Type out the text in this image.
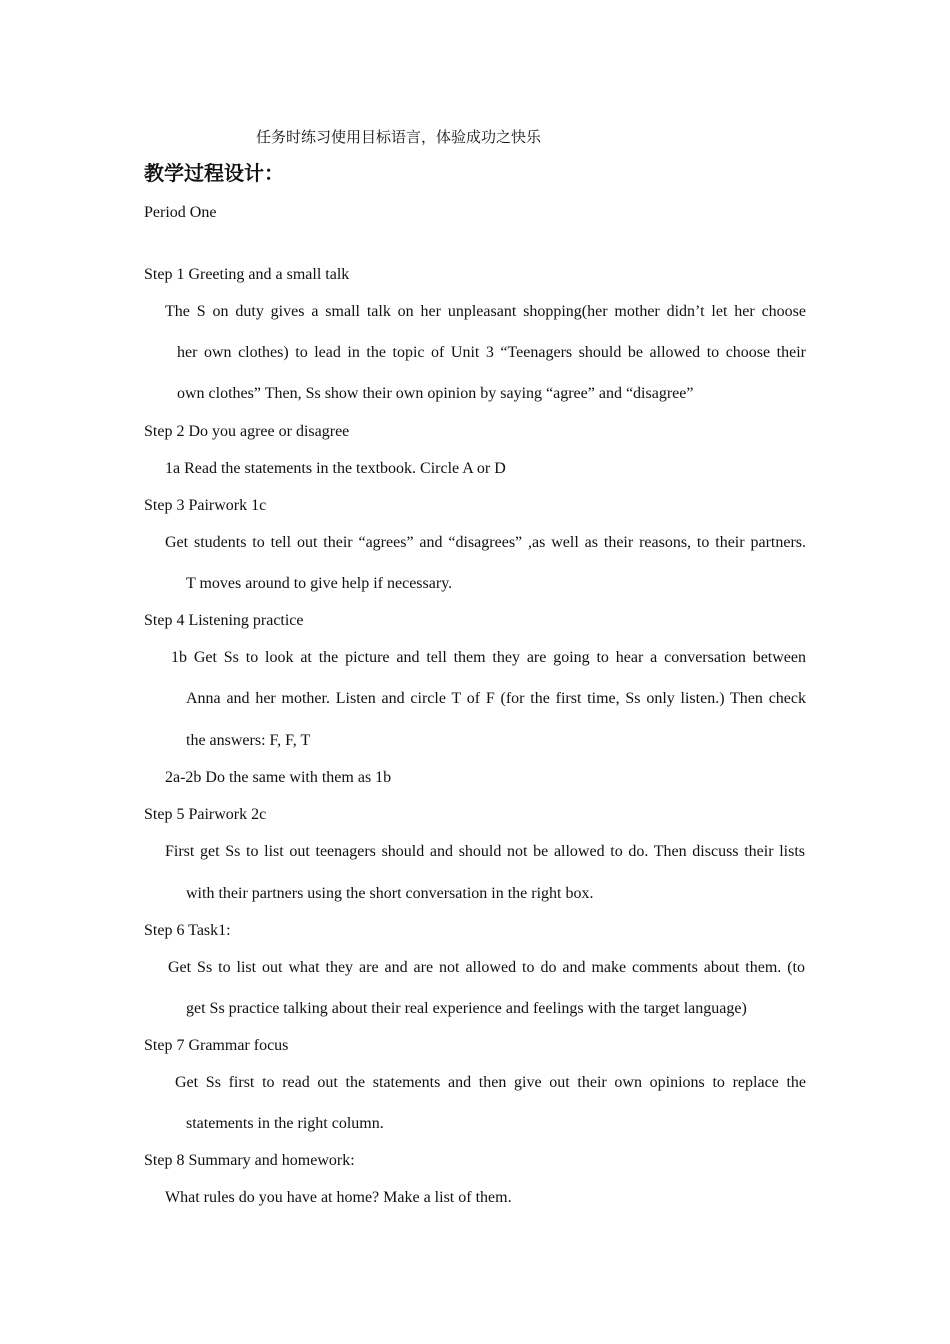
任务时练习使用目标语言，体验成功之快乐
教学过程设计：
Period One
Step 1 Greeting and a small talk
The S on duty gives a small talk on her unpleasant shopping(her mother didn’t let her choose
her own clothes) to lead in the topic of Unit 3 “Teenagers should be allowed to choose their
own clothes” Then, Ss show their own opinion by saying “agree” and “disagree”
Step 2 Do you agree or disagree
1a Read the statements in the textbook. Circle A or D
Step 3 Pairwork 1c
Get students to tell out their “agrees” and “disagrees” ,as well as their reasons, to their partners.
T moves around to give help if necessary.
Step 4 Listening practice
1b Get Ss to look at the picture and tell them they are going to hear a conversation between
Anna and her mother. Listen and circle T of F (for the first time, Ss only listen.) Then check
the answers: F, F, T
2a-2b Do the same with them as 1b
Step 5 Pairwork 2c
First get Ss to list out teenagers should and should not be allowed to do. Then discuss their lists
with their partners using the short conversation in the right box.
Step 6 Task1:
Get Ss to list out what they are and are not allowed to do and make comments about them. (to
get Ss practice talking about their real experience and feelings with the target language)
Step 7 Grammar focus
Get Ss first to read out the statements and then give out their own opinions to replace the
statements in the right column.
Step 8 Summary and homework:
What rules do you have at home? Make a list of them.
